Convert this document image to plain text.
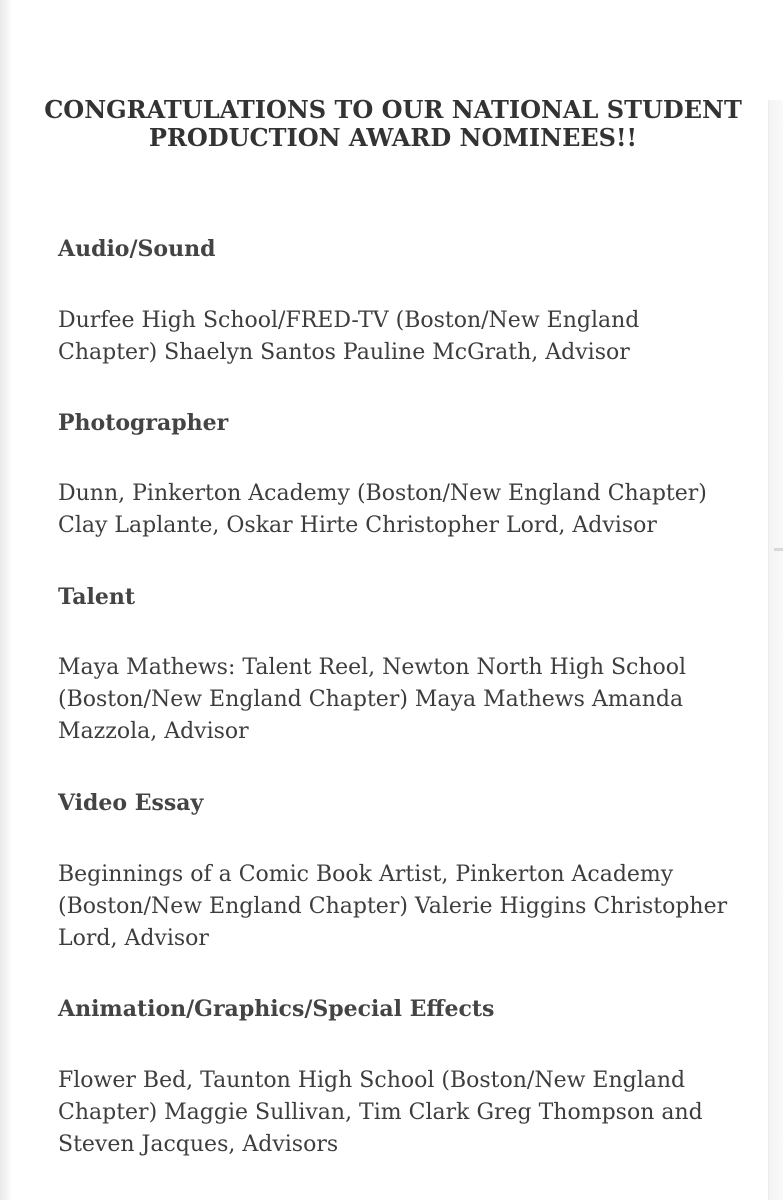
CONGRATULATIONS TO OUR NATIONAL STUDENT
PRODUCTION AWARD NOMINEES!!
Audio/Sound
Durfee High School/FRED-TV (Boston/New England
Chapter) Shaelyn Santos Pauline McGrath, Advisor
Photographer
Dunn, Pinkerton Academy (Boston/New England Chapter)
Clay Laplante, Oskar Hirte Christopher Lord, Advisor
Talent
Maya Mathews: Talent Reel, Newton North High School
(Boston/New England Chapter) Maya Mathews Amanda
Mazzola, Advisor
Video Essay
Beginnings of a Comic Book Artist, Pinkerton Academy
(Boston/New England Chapter) Valerie Higgins Christopher
Lord, Advisor
Animation/Graphics/Special Effects
Flower Bed, Taunton High School (Boston/New England
Chapter) Maggie Sullivan, Tim Clark Greg Thompson and
Steven Jacques, Advisors
